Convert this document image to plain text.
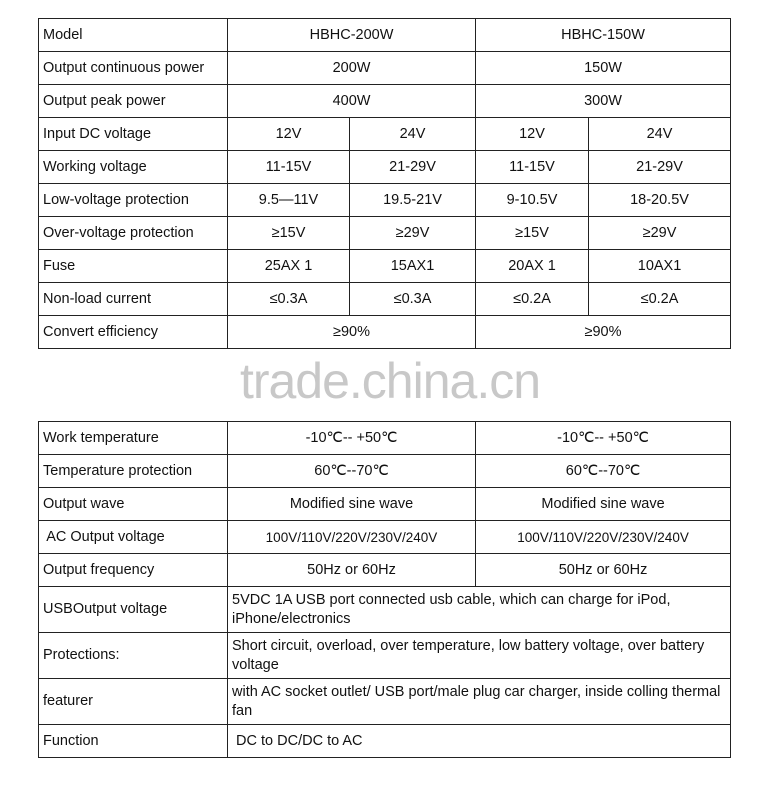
Model	HBHC-200W		HBHC-150W	
Output continuous power	200W		150W	
Output peak power	400W		300W	
Input DC voltage	12V	24V	12V	24V
Working voltage	11-15V	21-29V	11-15V	21-29V
Low-voltage protection	9.5—11V	19.5-21V	9-10.5V	18-20.5V
Over-voltage protection	≥15V	≥29V	≥15V	≥29V
Fuse	25AX 1	15AX1	20AX 1	10AX1
Non-load current	≤0.3A	≤0.3A	≤0.2A	≤0.2A
Convert efficiency	≥90%		≥90%	

Work temperature	-10℃-- +50℃		-10℃-- +50℃	
Temperature protection	60℃--70℃		60℃--70℃	
Output wave	Modified sine wave		Modified sine wave	
AC Output voltage	100V/110V/220V/230V/240V		100V/110V/220V/230V/240V	
Output frequency	50Hz or 60Hz		50Hz or 60Hz	
USBOutput voltage	5VDC 1A USB port connected usb cable, which can charge for iPod, iPhone/electronics			
Protections:	Short circuit, overload, over temperature, low battery voltage, over battery voltage			
featurer	with AC socket outlet/ USB port/male plug car charger, inside colling thermal fan			
Function	DC to DC/DC to AC			
trade.china.cn
